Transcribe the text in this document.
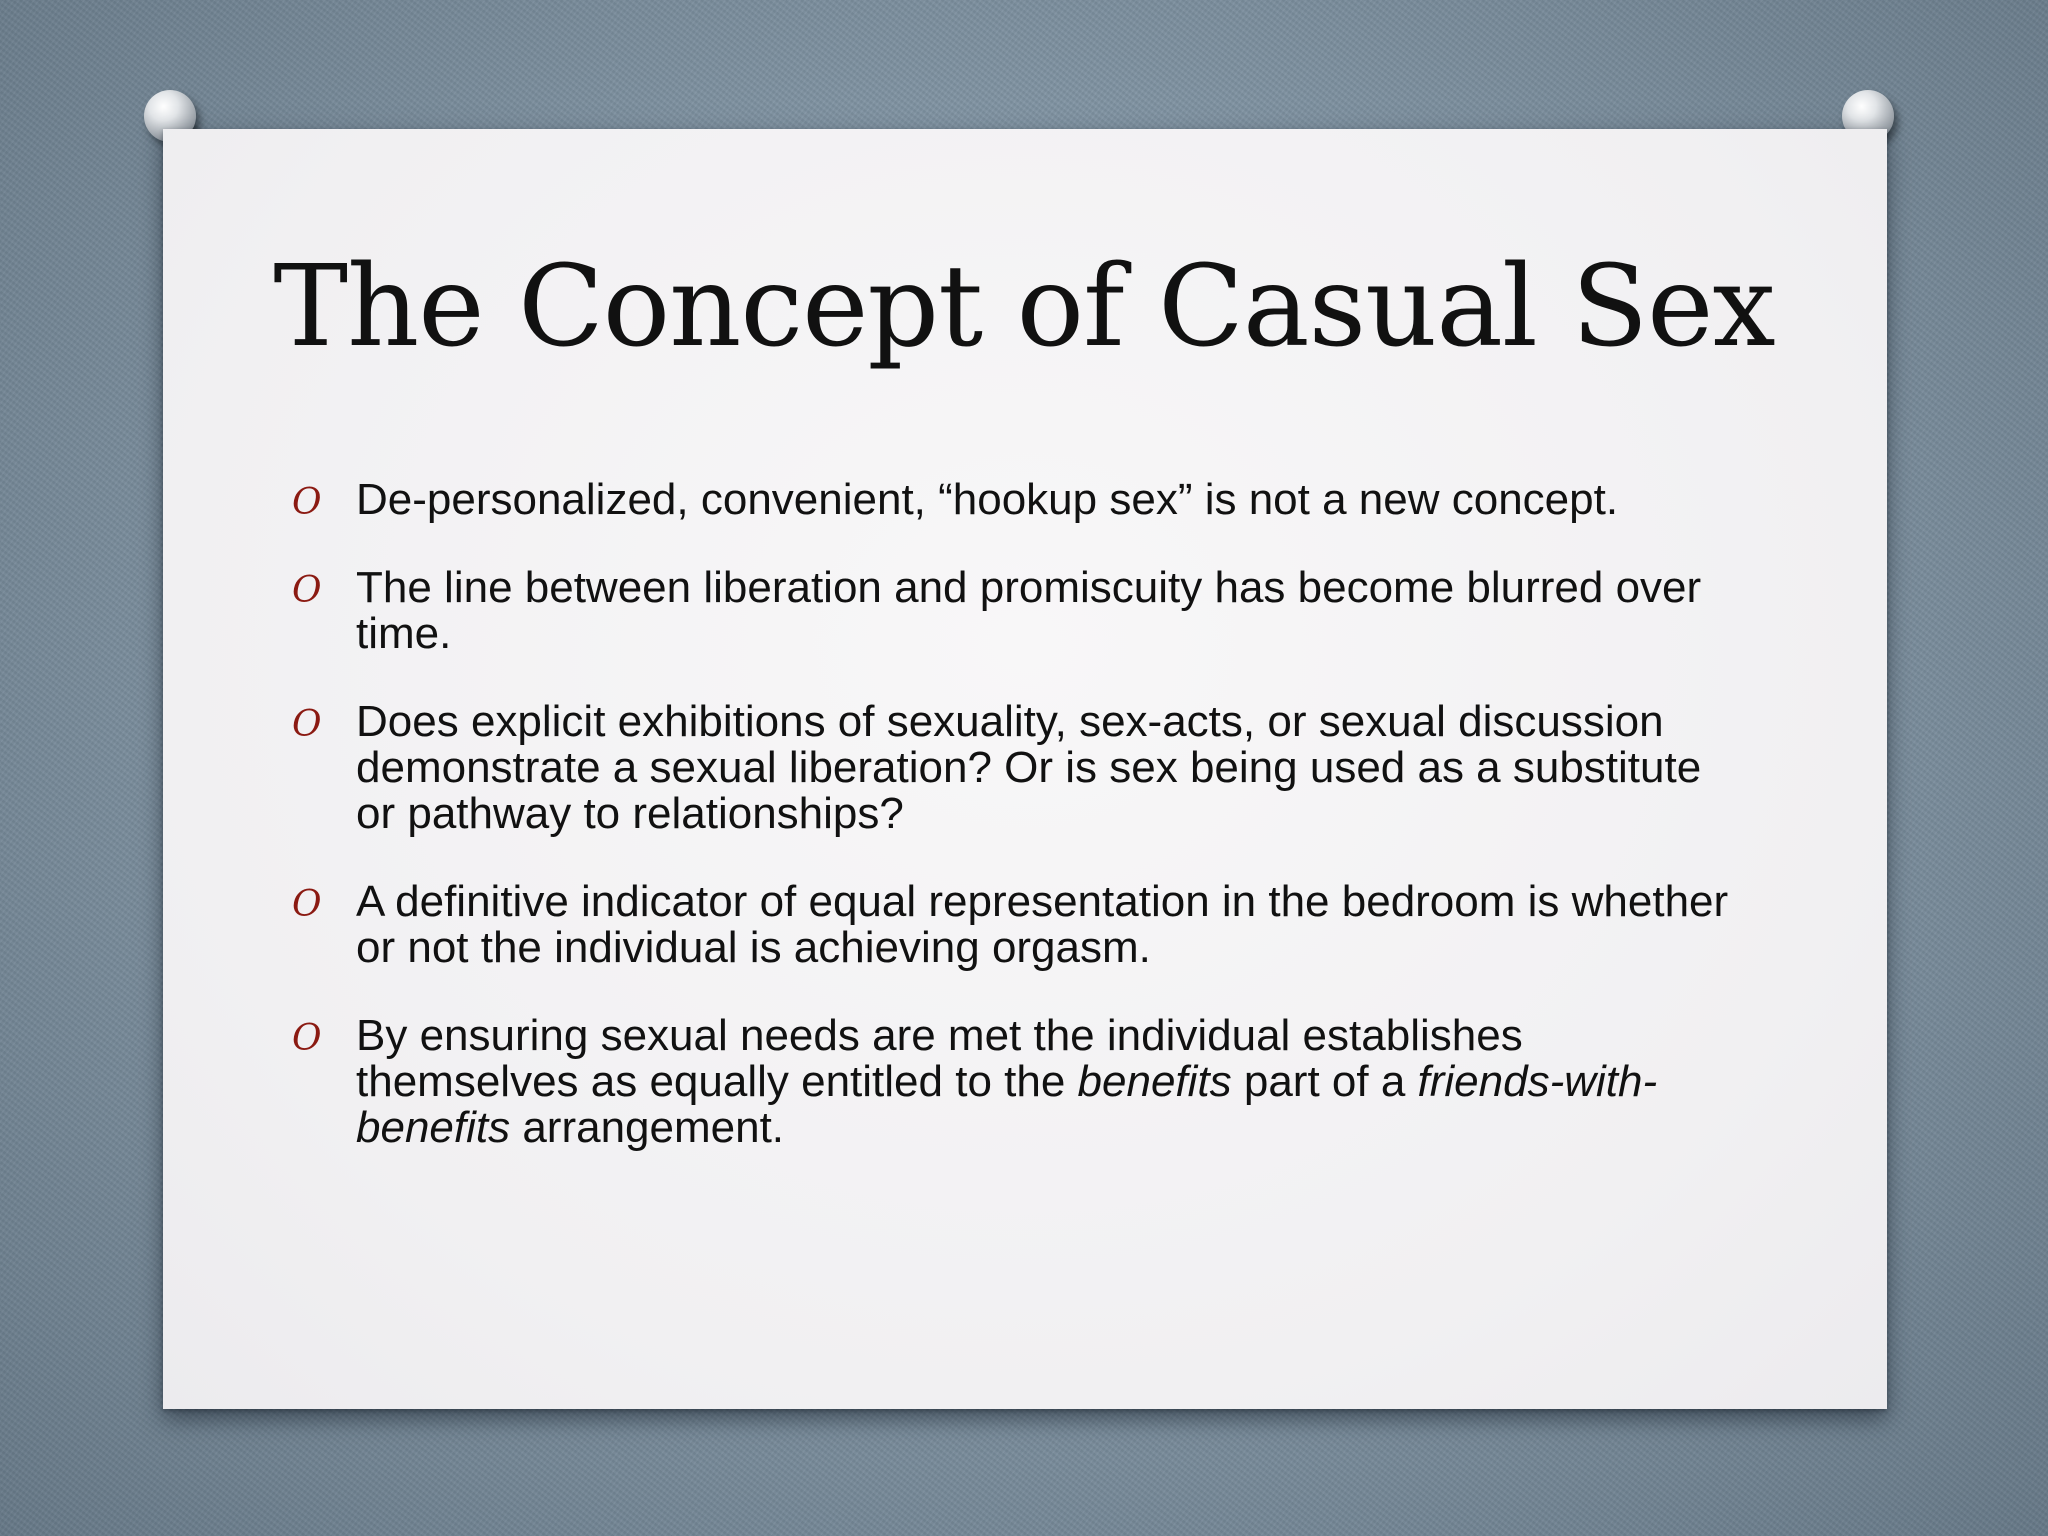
The Concept of Casual Sex
O De-personalized, convenient, “hookup sex” is not a new concept.
O The line between liberation and promiscuity has become blurred over time.
O Does explicit exhibitions of sexuality, sex-acts, or sexual discussion demonstrate a sexual liberation? Or is sex being used as a substitute or pathway to relationships?
O A definitive indicator of equal representation in the bedroom is whether or not the individual is achieving orgasm.
O By ensuring sexual needs are met the individual establishes themselves as equally entitled to the benefits part of a friends-with-benefits arrangement.
